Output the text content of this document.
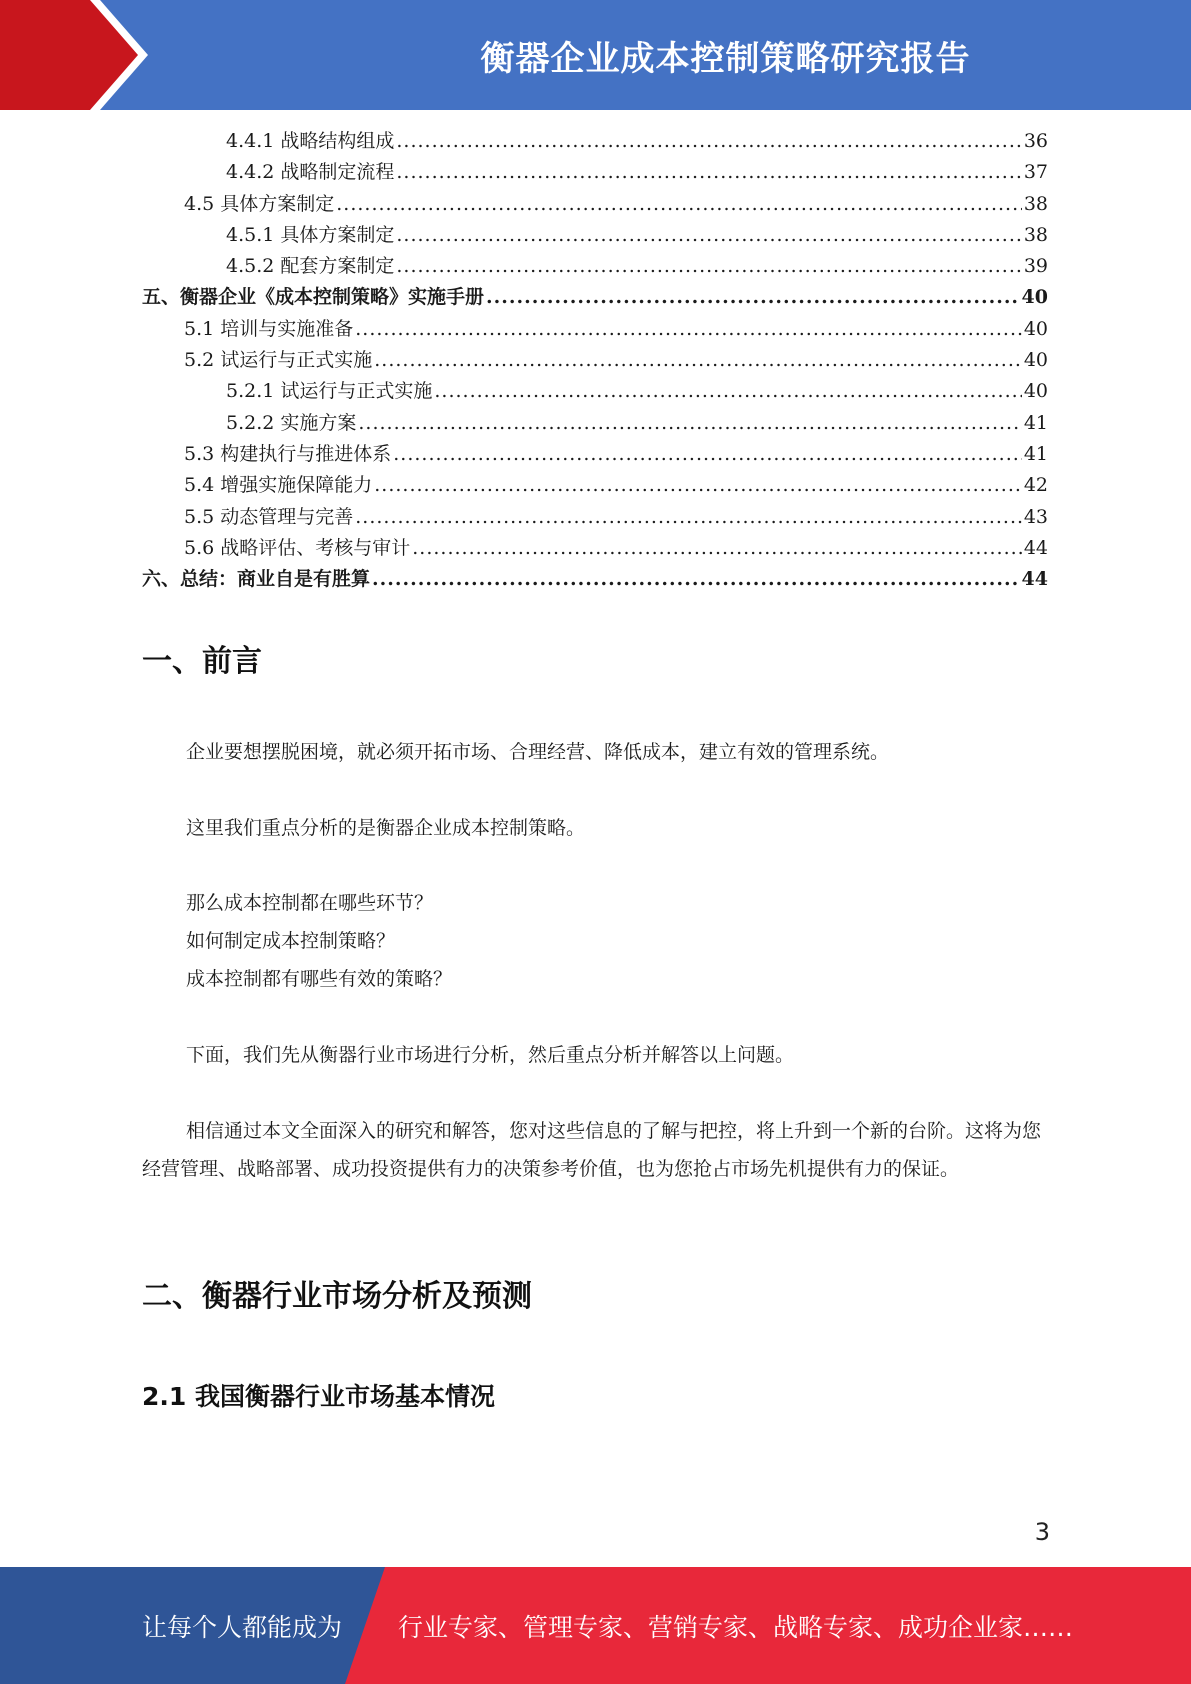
衡器企业成本控制策略研究报告
4.4.1 战略结构组成 .....	36
4.4.2 战略制定流程 .....	37
4.5 具体方案制定 .....	38
4.5.1 具体方案制定 .....	38
4.5.2 配套方案制定 .....	39
五、衡器企业《成本控制策略》实施手册 .....	40
5.1 培训与实施准备 .....	40
5.2 试运行与正式实施 .....	40
5.2.1 试运行与正式实施 .....	40
5.2.2 实施方案 .....	41
5.3 构建执行与推进体系 .....	41
5.4 增强实施保障能力 .....	42
5.5 动态管理与完善 .....	43
5.6 战略评估、考核与审计 .....	44
六、总结：商业自是有胜算 .....	44
一、前言

企业要想摆脱困境，就必须开拓市场、合理经营、降低成本，建立有效的管理系统。

这里我们重点分析的是衡器企业成本控制策略。

那么成本控制都在哪些环节？

如何制定成本控制策略？

成本控制都有哪些有效的策略？

下面，我们先从衡器行业市场进行分析，然后重点分析并解答以上问题。

相信通过本文全面深入的研究和解答，您对这些信息的了解与把控，将上升到一个新的台阶。这将为您经营管理、战略部署、成功投资提供有力的决策参考价值，也为您抢占市场先机提供有力的保证。

二、衡器行业市场分析及预测
2.1 我国衡器行业市场基本情况
3
让每个人都能成为 行业专家、管理专家、营销专家、战略专家、成功企业家……
